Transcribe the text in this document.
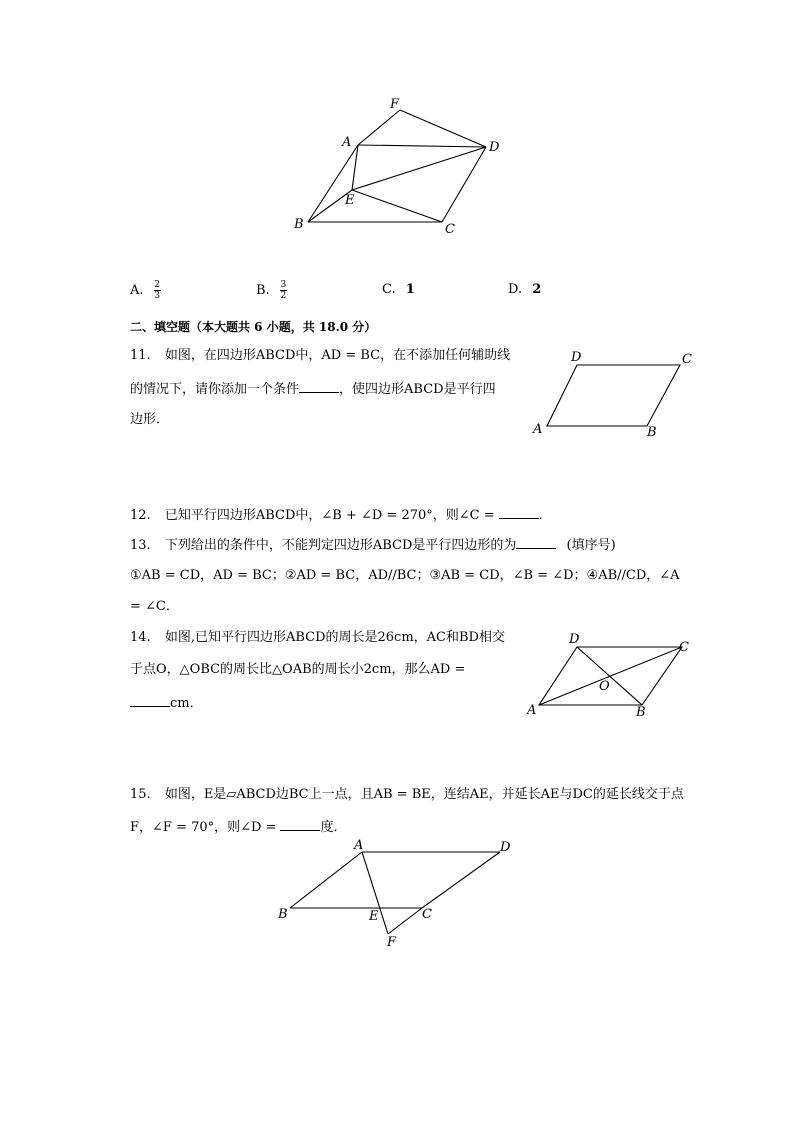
F
A	D
E
B	C
A. $\frac{2}{3}$	B. $\frac{3}{2}$	C. 1	D. 2
二、填空题（本大题共 6 小题，共 18.0 分）
11. 如图，在四边形ABCD中，AD = BC，在不添加任何辅助线
的情况下，请你添加一个条件	，使四边形ABCD是平行四
边形．
D	C
A	B
12. 已知平行四边形ABCD中，∠B + ∠D = 270°，则∠C =	．
13. 下列给出的条件中，不能判定四边形ABCD是平行四边形的为	(填序号)
①AB = CD，AD = BC；②AD = BC，AD//BC；③AB = CD，∠B = ∠D；④AB//CD，∠A
= ∠C．
14. 如图,已知平行四边形ABCD的周长是26cm，AC和BD相交
于点O，△OBC的周长比△OAB的周长小2cm，那么AD =
cm．
D
C
O
A	B
15. 如图，E是▱ABCD边BC上一点，且AB = BE，连结AE，并延长AE与DC的延长线交于点
F，∠F = 70°，则∠D =	度．
A	D
B	E	C
F
